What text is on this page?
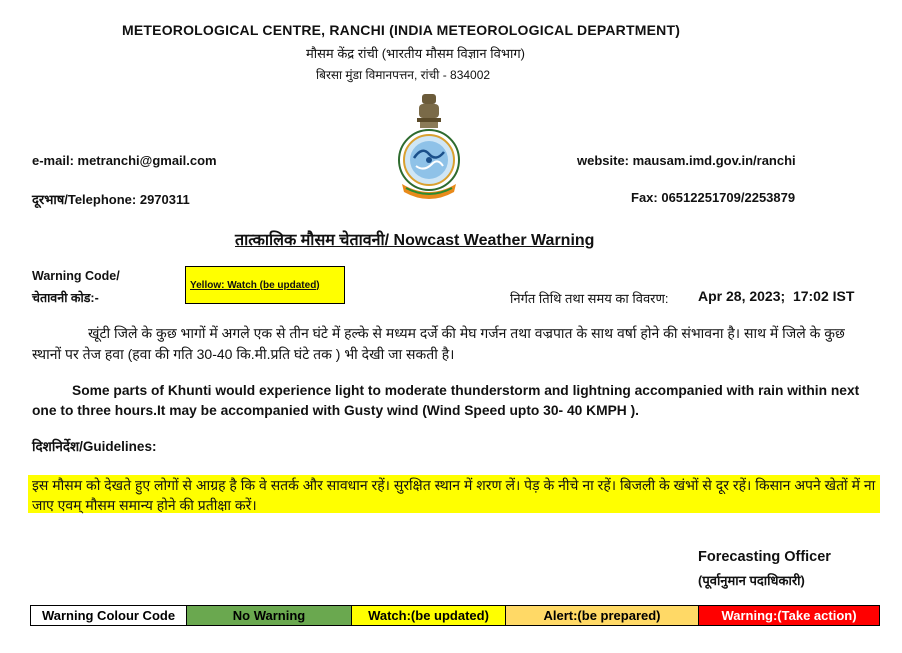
METEOROLOGICAL CENTRE, RANCHI (INDIA METEOROLOGICAL DEPARTMENT)
मौसम केंद्र रांची (भारतीय मौसम विज्ञान विभाग)
बिरसा मुंडा विमानपत्तन, रांची - 834002
e-mail: metranchi@gmail.com	website: mausam.imd.gov.in/ranchi
दूरभाष/Telephone: 2970311	Fax: 06512251709/2253879
तात्कालिक मौसम चेतावनी/ Nowcast Weather Warning
Warning Code/
चेतावनी कोड:-
Yellow: Watch (be updated)
निर्गत तिथि तथा समय का विवरण: Apr 28, 2023;  17:02 IST
खूंटी जिले के कुछ भागों में अगले एक से तीन घंटे में हल्के से मध्यम दर्जे की मेघ गर्जन तथा वज्रपात के साथ वर्षा होने की संभावना है। साथ में जिले के कुछ स्थानों पर तेज हवा (हवा की गति 30-40 कि.मी.प्रति घंटे तक ) भी देखी जा सकती है।
Some parts of Khunti would experience light to moderate thunderstorm and lightning accompanied with rain within next one to three hours.It may be accompanied with Gusty wind (Wind Speed upto 30- 40 KMPH ).
दिशनिर्देश/Guidelines:
इस मौसम को देखते हुए लोगों से आग्रह है कि वे सतर्क और सावधान रहें। सुरक्षित स्थान में शरण लें। पेड़ के नीचे ना रहें। बिजली के खंभों से दूर रहें। किसान अपने खेतों में ना जाए एवम् मौसम समान्य होने की प्रतीक्षा करें।
Forecasting Officer
(पूर्वानुमान पदाधिकारी)
Warning Colour Code	No Warning	Watch:(be updated)	Alert:(be prepared)	Warning:(Take action)
